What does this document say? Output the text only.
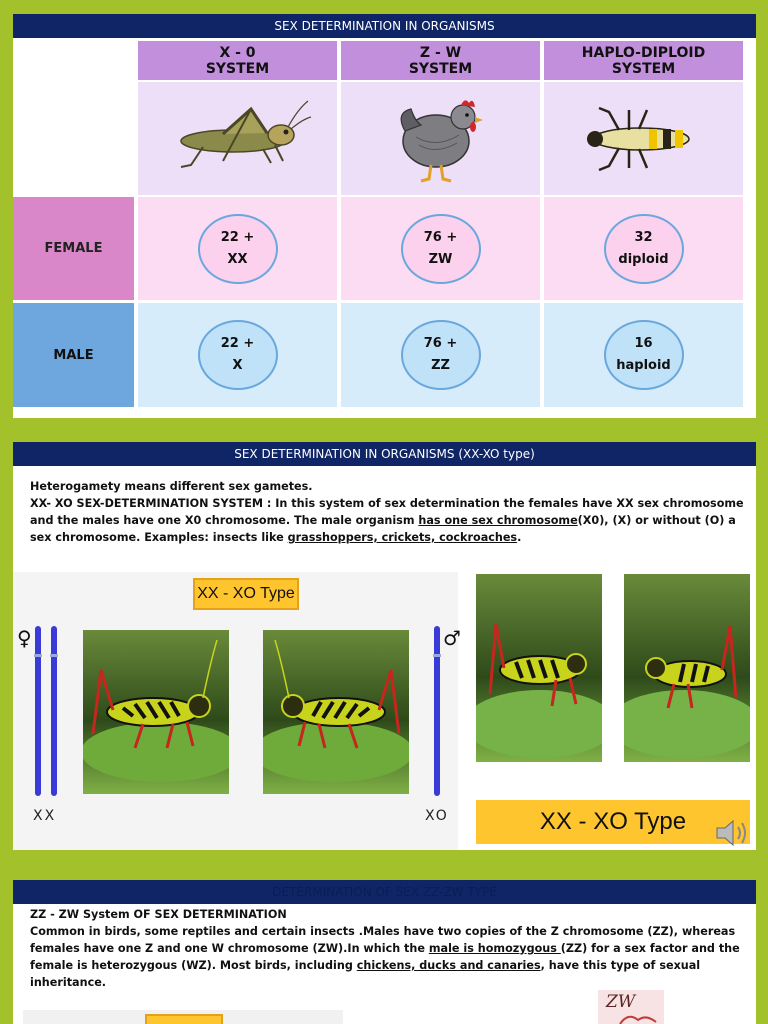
SEX DETERMINATION IN ORGANISMS
X - 0
SYSTEM
Z - W
SYSTEM
HAPLO-DIPLOID
SYSTEM
FEMALE
22 +
XX
76 +
ZW
32
diploid
MALE
22 +
X
76 +
ZZ
16
haploid
SEX DETERMINATION IN ORGANISMS (XX-XO type)
Heterogamety means different sex gametes.
XX- XO SEX-DETERMINATION SYSTEM : In this system of sex determination the females have XX sex chromosome and the males have one X0 chromosome. The male organism has one sex chromosome(X0), (X) or without (O) a sex chromosome. Examples: insects like grasshoppers, crickets, cockroaches.
XX - XO Type
♀
XX
♂
XO	XX - XO Type
DETERMINATION OF SEX ZZ-ZW TYPE
ZZ - ZW System OF SEX DETERMINATION
Common in birds, some reptiles and certain insects .Males have two copies of the Z chromosome (ZZ), whereas females have one Z and one W chromosome (ZW).In which the male is homozygous (ZZ) for a sex factor and the female is heterozygous (WZ). Most birds, including chickens, ducks and canaries, have this type of sexual inheritance.
ZW
